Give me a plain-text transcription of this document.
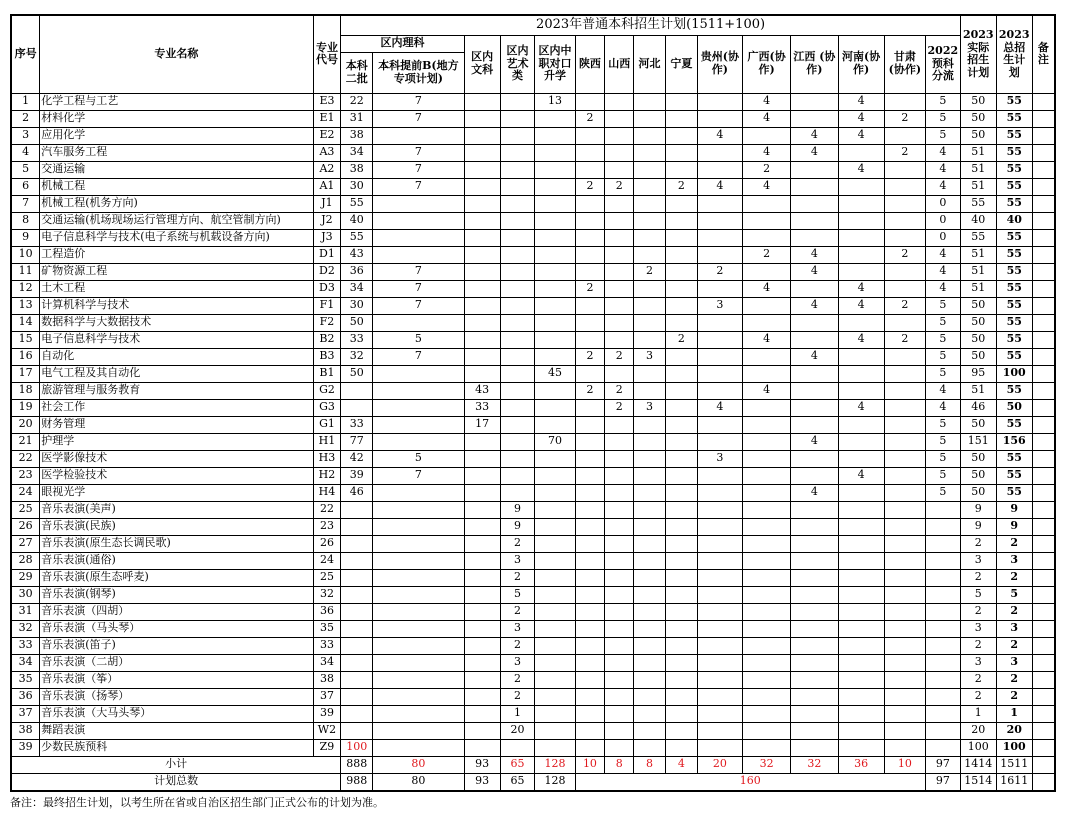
序号	专业名称	专业代号	2023年普通本科招生计划(1511+100)															2023实际招生计划	2023总招生计划	备注
			区内理科		区内文科	区内艺术类	区内中职对口升学	陕西	山西	河北	宁夏	贵州(协作)	广西(协作)	江西 (协作)	河南(协作)	甘肃(协作)	2022预科分流			
			本科二批	本科提前B(地方专项计划)																
1	化学工程与工艺	E3	22	7			13						4		4		5	50	55	
2	材料化学	E1	31	7				2					4		4	2	5	50	55	
3	应用化学	E2	38									4		4	4		5	50	55	
4	汽车服务工程	A3	34	7									4	4		2	4	51	55	
5	交通运输	A2	38	7									2		4		4	51	55	
6	机械工程	A1	30	7				2	2		2	4	4				4	51	55	
7	机械工程(机务方向)	J1	55														0	55	55	
8	交通运输(机场现场运行管理方向、航空管制方向)	J2	40														0	40	40	
9	电子信息科学与技术(电子系统与机载设备方向)	J3	55														0	55	55	
10	工程造价	D1	43										2	4		2	4	51	55	
11	矿物资源工程	D2	36	7						2		2		4			4	51	55	
12	土木工程	D3	34	7				2					4		4		4	51	55	
13	计算机科学与技术	F1	30	7								3		4	4	2	5	50	55	
14	数据科学与大数据技术	F2	50														5	50	55	
15	电子信息科学与技术	B2	33	5							2		4		4	2	5	50	55	
16	自动化	B3	32	7				2	2	3				4			5	50	55	
17	电气工程及其自动化	B1	50				45										5	95	100	
18	旅游管理与服务教育	G2			43			2	2				4				4	51	55	
19	社会工作	G3			33				2	3		4			4		4	46	50	
20	财务管理	G1	33		17												5	50	55	
21	护理学	H1	77				70							4			5	151	156	
22	医学影像技术	H3	42	5								3					5	50	55	
23	医学检验技术	H2	39	7											4		5	50	55	
24	眼视光学	H4	46											4			5	50	55	
25	音乐表演(美声)	22				9												9	9	
26	音乐表演(民族)	23				9												9	9	
27	音乐表演(原生态长调民歌)	26				2												2	2	
28	音乐表演(通俗)	24				3												3	3	
29	音乐表演(原生态呼麦)	25				2												2	2	
30	音乐表演(钢琴)	32				5												5	5	
31	音乐表演（四胡）	36				2												2	2	
32	音乐表演（马头琴）	35				3												3	3	
33	音乐表演(笛子)	33				2												2	2	
34	音乐表演（二胡）	34				3												3	3	
35	音乐表演（筝）	38				2												2	2	
36	音乐表演（扬琴）	37				2												2	2	
37	音乐表演（大马头琴）	39				1												1	1	
38	舞蹈表演	W2				20												20	20	
39	少数民族预科	Z9	100															100	100	
小计			888	80	93	65	128	10	8	8	4	20	32	32	36	10	97	1414	1511	
计划总数			988	80	93	65	128	160									97	1514	1611	
备注：最终招生计划，以考生所在省或自治区招生部门正式公布的计划为准。
